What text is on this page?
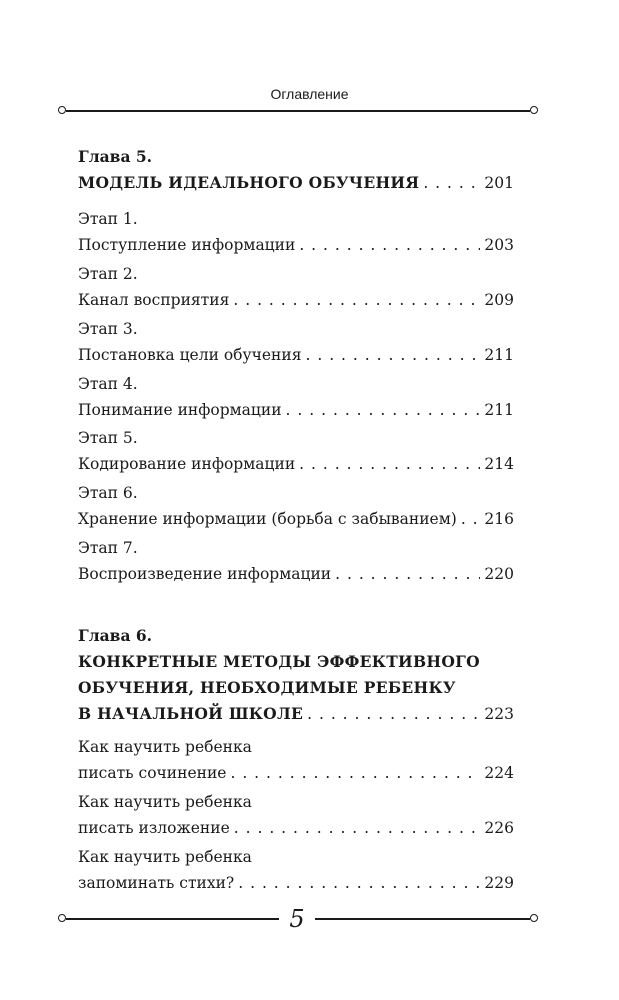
Оглавление
Глава 5.
МОДЕЛЬ ИДЕАЛЬНОГО ОБУЧЕНИЯ . . .	201
Этап 1.
Поступление информации . . .	203
Этап 2.
Канал восприятия . . .	209
Этап 3.
Постановка цели обучения . . .	211
Этап 4.
Понимание информации . . .	211
Этап 5.
Кодирование информации . . .	214
Этап 6.
Хранение информации (борьба с забыванием) . . . 216
Этап 7.
Воспроизведение информации . . .	220
Глава 6.
КОНКРЕТНЫЕ МЕТОДЫ ЭФФЕКТИВНОГО
ОБУЧЕНИЯ, НЕОБХОДИМЫЕ РЕБЕНКУ
В НАЧАЛЬНОЙ ШКОЛЕ . . .	223
Как научить ребенка
писать сочинение . . .	224
Как научить ребенка
писать изложение . . .	226
Как научить ребенка
запоминать стихи? . . .	229
5
